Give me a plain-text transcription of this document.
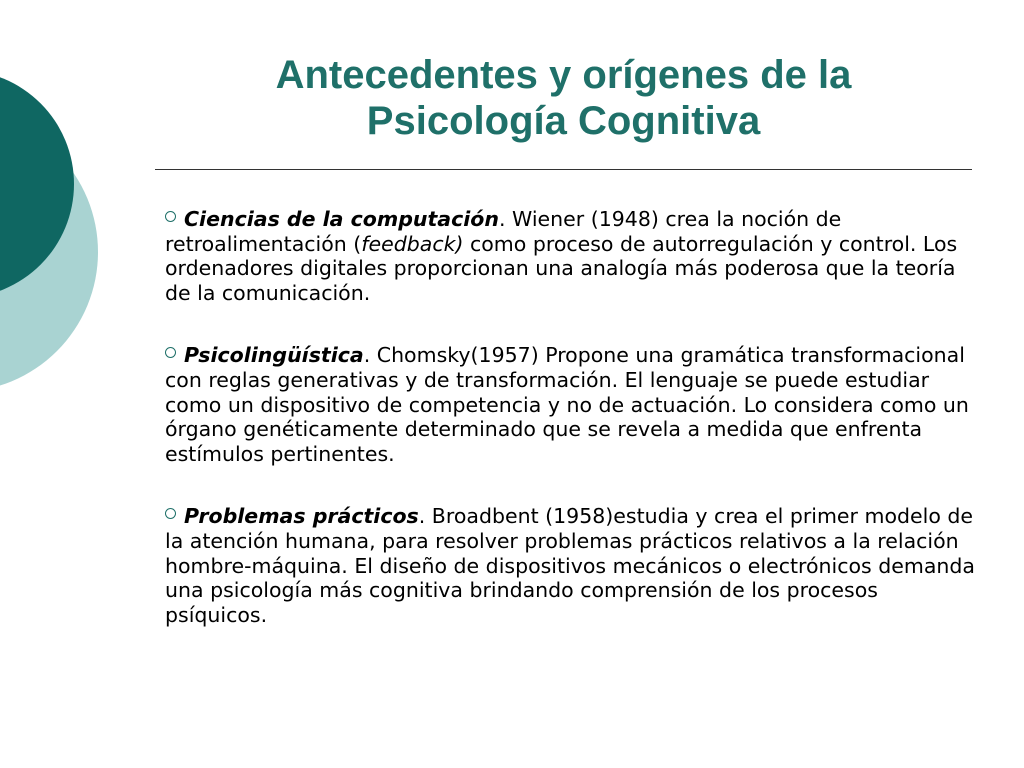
Antecedentes y orígenes de la
Psicología Cognitiva
Ciencias de la computación. Wiener (1948) crea la noción de retroalimentación (feedback) como proceso de autorregulación y control. Los ordenadores digitales proporcionan una analogía más poderosa que la teoría de la comunicación.
Psicolingüística. Chomsky(1957) Propone una gramática transformacional con reglas generativas y de transformación. El lenguaje se puede estudiar como un dispositivo de competencia y no de actuación. Lo considera como un órgano genéticamente determinado que se revela a medida que enfrenta estímulos pertinentes.
Problemas prácticos. Broadbent (1958)estudia y crea el primer modelo de la atención humana, para resolver problemas prácticos relativos a la relación hombre-máquina. El diseño de dispositivos mecánicos o electrónicos demanda una psicología más cognitiva brindando comprensión de los procesos psíquicos.
